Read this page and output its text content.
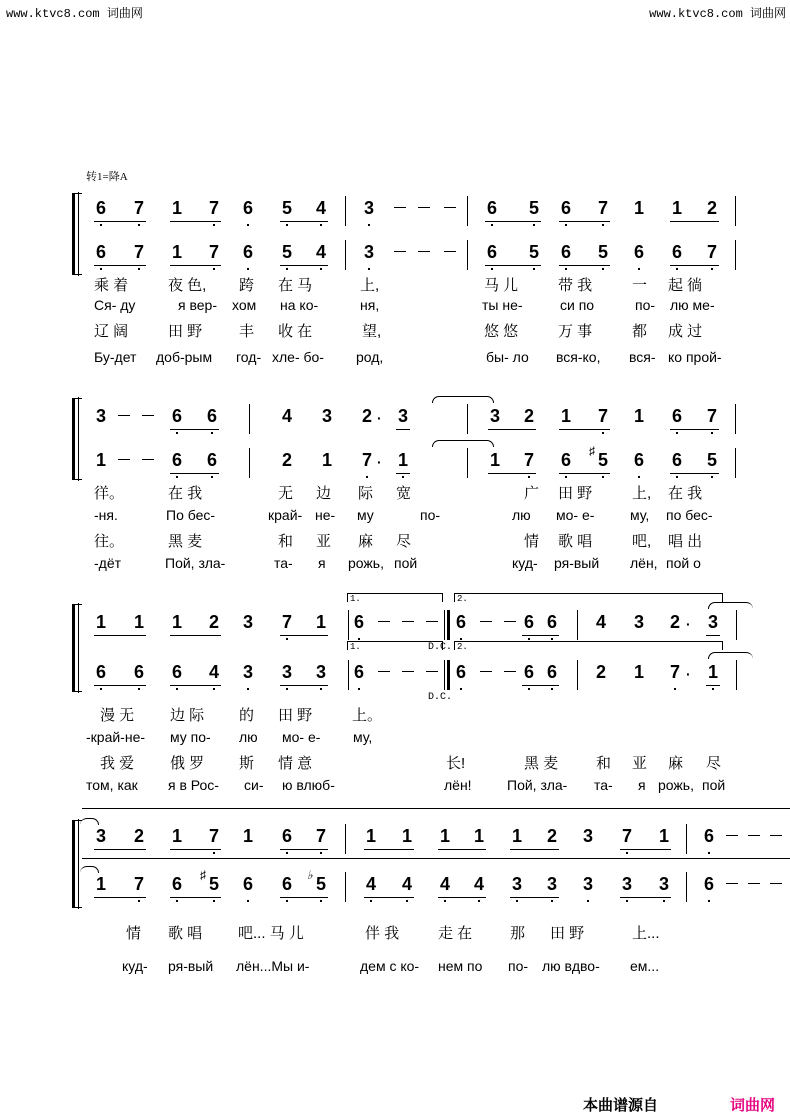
www.ktvc8.com 词曲网	www.ktvc8.com 词曲网
转1=降A
6 7 1 7 6 5 4 3	6 5 6 7 1 1 2
6 7 1 7 6 5 4 3	6 5 6 5 6 6 7
乘 着	夜 色, 跨 在 马	上,	马 儿	带 我	一 起 徜
Ся- ду	я вер- хом на ко-	ня,	ты не-	си по	по- лю ме-
辽 阔	田 野 丰 收 在	望,	悠 悠	万 事	都 成 过
Бу-дет доб-рым год- хле- бо- род,	бы- ло вся-ко, вся- ко прой-
3	6 6	4 3 2 · 3	3 2 1 7 1 6 7
1	6 6	2 1 7 · 1	1 7 6 ♯ 5 6 6 5
徉。	在 我	无 边 际 宽	广 田 野	上, 在 我
-ня.	По бес-	край- не- му	по-	лю мо- е-	му, по бес-
往。	黑 麦	和 亚 麻 尽	情 歌 唱	吧, 唱 出
-дёт	Пой, зла-	та- я рожь, пой	куд- ря-вый лён, пой о
1.	2.
1 1 1 2 3 7 1 6	6	6 6 4 3 2 · 3
1.	2.
D.C.
6 6 6 4 3 3 3 6	6	6 6 2 1 7 · 1
D.C.
漫 无 边 际 的 田 野	上。
-край-не- му по- лю мо- е- му,
我 爱 俄 罗 斯 情 意	长!	黑 麦	和 亚 麻 尽
том, как я в Рос- си- ю влюб-	лён!	Пой, зла- та- я рожь, пой
3 2 1 7 1 6 7 1 1 1 1 1 2 3 7 1 6
1 7 6 ♯ 5 6 6 ♭ 5 4 4 4 4 3 3 3 3 3 6
情 歌 唱 吧... 马 儿	伴 我	走 在	那 田 野	上...
куд- ря-вый лён...Мы и-	дем с ко- нем по по- лю вдво- ем...
本曲谱源自	词曲网
